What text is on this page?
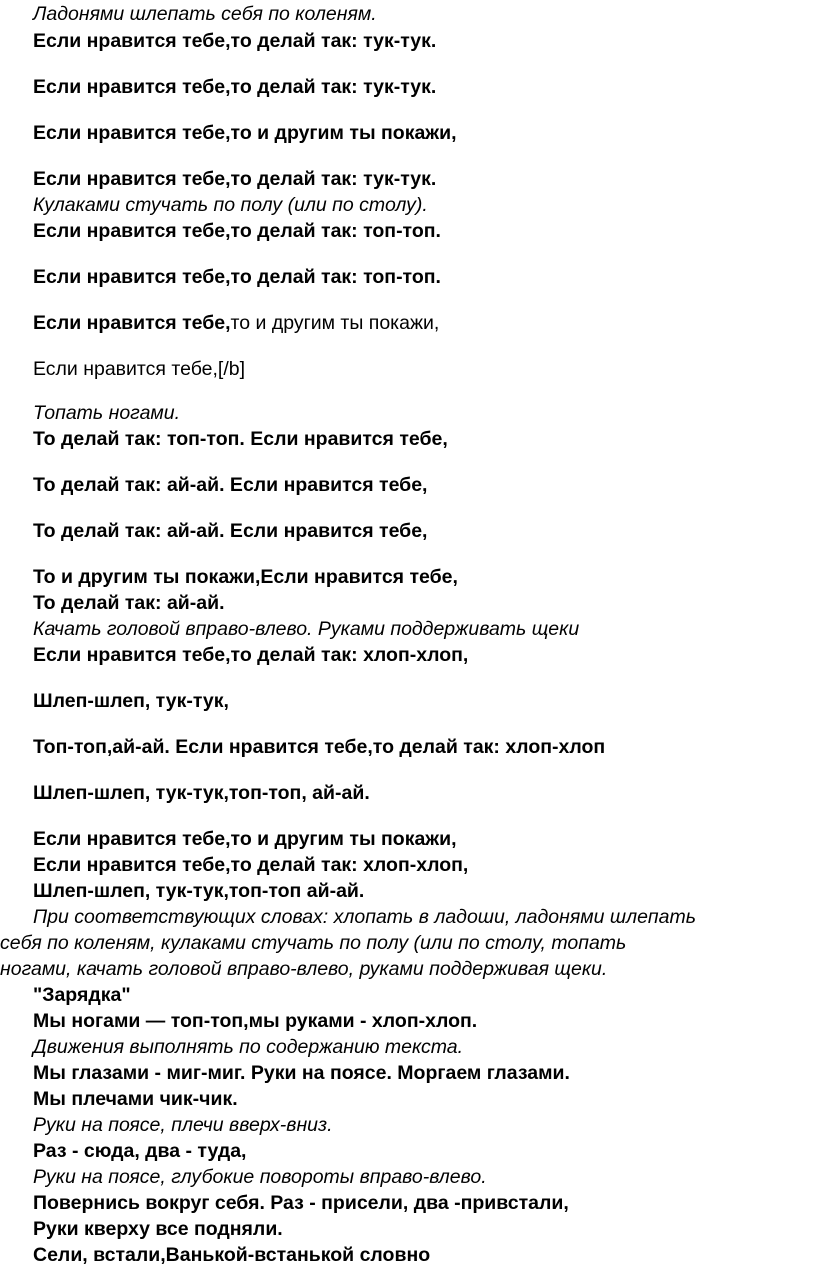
Ладонями шлепать себя по коленям.
Если нравится тебе,то делай так: тук-тук.
Если нравится тебе,то делай так: тук-тук.
Если нравится тебе,то и другим ты покажи,
Если нравится тебе,то делай так: тук-тук.
Кулаками стучать по полу (или по столу).
Если нравится тебе,то делай так: топ-топ.
Если нравится тебе,то делай так: топ-топ.
Если нравится тебе,то и другим ты покажи,
Если нравится тебе,[/b]
Топать ногами.
То делай так: топ-топ. Если нравится тебе,
То делай так: ай-ай. Если нравится тебе,
То делай так: ай-ай. Если нравится тебе,
То и другим ты покажи,Если нравится тебе,
То делай так: ай-ай.
Качать головой вправо-влево. Руками поддерживать щеки
Если нравится тебе,то делай так: хлоп-хлоп,
Шлеп-шлеп, тук-тук,
Топ-топ,ай-ай. Если нравится тебе,то делай так: хлоп-хлоп
Шлеп-шлеп, тук-тук,топ-топ, ай-ай.
Если нравится тебе,то и другим ты покажи,
Если нравится тебе,то делай так: хлоп-хлоп,
Шлеп-шлеп, тук-тук,топ-топ ай-ай.
При соответствующих словах: хлопать в ладоши, ладонями шлепать
себя по коленям, кулаками стучать по полу (или по столу, топать
ногами, качать головой вправо-влево, руками поддерживая щеки.
"Зарядка"
Мы ногами — топ-топ,мы руками - хлоп-хлоп.
Движения выполнять по содержанию текста.
Мы глазами - миг-миг. Руки на поясе. Моргаем глазами.
Мы плечами чик-чик.
Руки на поясе, плечи вверх-вниз.
Раз - сюда, два - туда,
Руки на поясе, глубокие повороты вправо-влево.
Повернись вокруг себя. Раз - присели, два -привстали,
Руки кверху все подняли.
Сели, встали,Ванькой-встанькой словно
